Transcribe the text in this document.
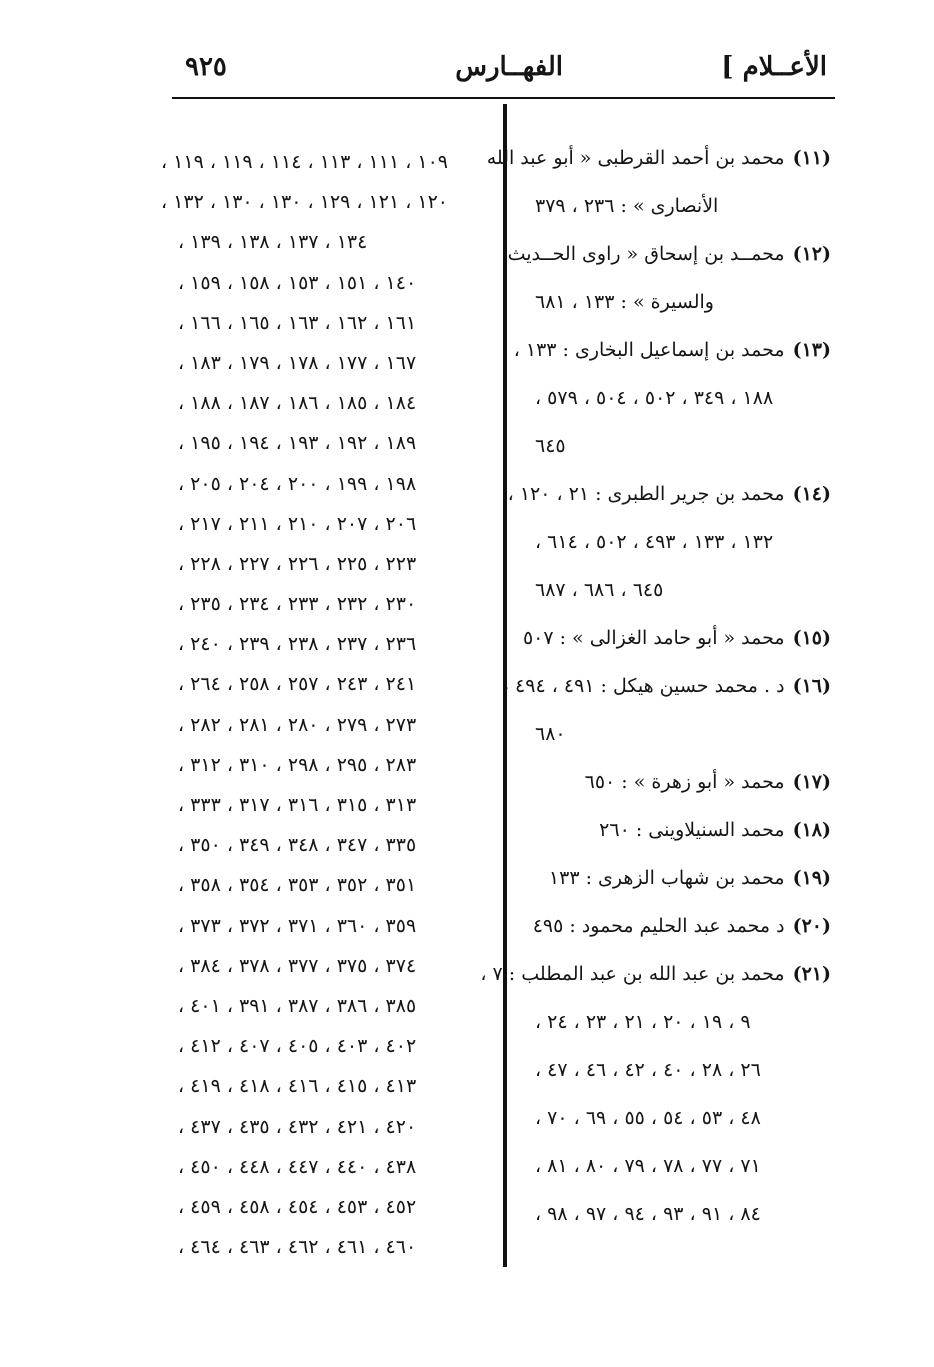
٩٢٥	الفهــارس	الأعــلام ]
(١١)محمد بن أحمد القرطبى « أبو عبد الله
الأنصارى » : ٢٣٦ ، ٣٧٩
(١٢)محمــد بن إسحاق « راوى الحــديث
والسيرة » : ١٣٣ ، ٦٨١
(١٣)محمد بن إسماعيل البخارى : ١٣٣ ،
١٨٨ ، ٣٤٩ ، ٥٠٢ ، ٥٠٤ ، ٥٧٩ ،
٦٤٥
(١٤)محمد بن جرير الطبرى : ٢١ ، ١٢٠ ،
١٣٢ ، ١٣٣ ، ٤٩٣ ، ٥٠٢ ، ٦١٤ ،
٦٤٥ ، ٦٨٦ ، ٦٨٧
(١٥)محمد « أبو حامد الغزالى » : ٥٠٧
(١٦)د . محمد حسين هيكل : ٤٩١ ، ٤٩٤ ،
٦٨٠
(١٧)محمد « أبو زهرة » : ٦٥٠
(١٨)محمد السنيلاوينى : ٢٦٠
(١٩)محمد بن شهاب الزهرى : ١٣٣
(٢٠)د محمد عبد الحليم محمود : ٤٩٥
(٢١)محمد بن عبد الله بن عبد المطلب : ٧ ،
٩ ، ١٩ ، ٢٠ ، ٢١ ، ٢٣ ، ٢٤ ،
٢٦ ، ٢٨ ، ٤٠ ، ٤٢ ، ٤٦ ، ٤٧ ،
٤٨ ، ٥٣ ، ٥٤ ، ٥٥ ، ٦٩ ، ٧٠ ،
٧١ ، ٧٧ ، ٧٨ ، ٧٩ ، ٨٠ ، ٨١ ،
٨٤ ، ٩١ ، ٩٣ ، ٩٤ ، ٩٧ ، ٩٨ ،
١٠٩ ، ١١١ ، ١١٣ ، ١١٤ ، ١١٩ ، ١١٩ ،
١٢٠ ، ١٢١ ، ١٢٩ ، ١٣٠ ، ١٣٠ ، ١٣٢ ،
١٣٤ ، ١٣٧ ، ١٣٨ ، ١٣٩ ،
١٤٠ ، ١٥١ ، ١٥٣ ، ١٥٨ ، ١٥٩ ،
١٦١ ، ١٦٢ ، ١٦٣ ، ١٦٥ ، ١٦٦ ،
١٦٧ ، ١٧٧ ، ١٧٨ ، ١٧٩ ، ١٨٣ ،
١٨٤ ، ١٨٥ ، ١٨٦ ، ١٨٧ ، ١٨٨ ،
١٨٩ ، ١٩٢ ، ١٩٣ ، ١٩٤ ، ١٩٥ ،
١٩٨ ، ١٩٩ ، ٢٠٠ ، ٢٠٤ ، ٢٠٥ ،
٢٠٦ ، ٢٠٧ ، ٢١٠ ، ٢١١ ، ٢١٧ ،
٢٢٣ ، ٢٢٥ ، ٢٢٦ ، ٢٢٧ ، ٢٢٨ ،
٢٣٠ ، ٢٣٢ ، ٢٣٣ ، ٢٣٤ ، ٢٣٥ ،
٢٣٦ ، ٢٣٧ ، ٢٣٨ ، ٢٣٩ ، ٢٤٠ ،
٢٤١ ، ٢٤٣ ، ٢٥٧ ، ٢٥٨ ، ٢٦٤ ،
٢٧٣ ، ٢٧٩ ، ٢٨٠ ، ٢٨١ ، ٢٨٢ ،
٢٨٣ ، ٢٩٥ ، ٢٩٨ ، ٣١٠ ، ٣١٢ ،
٣١٣ ، ٣١٥ ، ٣١٦ ، ٣١٧ ، ٣٣٣ ،
٣٣٥ ، ٣٤٧ ، ٣٤٨ ، ٣٤٩ ، ٣٥٠ ،
٣٥١ ، ٣٥٢ ، ٣٥٣ ، ٣٥٤ ، ٣٥٨ ،
٣٥٩ ، ٣٦٠ ، ٣٧١ ، ٣٧٢ ، ٣٧٣ ،
٣٧٤ ، ٣٧٥ ، ٣٧٧ ، ٣٧٨ ، ٣٨٤ ،
٣٨٥ ، ٣٨٦ ، ٣٨٧ ، ٣٩١ ، ٤٠١ ،
٤٠٢ ، ٤٠٣ ، ٤٠٥ ، ٤٠٧ ، ٤١٢ ،
٤١٣ ، ٤١٥ ، ٤١٦ ، ٤١٨ ، ٤١٩ ،
٤٢٠ ، ٤٢١ ، ٤٣٢ ، ٤٣٥ ، ٤٣٧ ،
٤٣٨ ، ٤٤٠ ، ٤٤٧ ، ٤٤٨ ، ٤٥٠ ،
٤٥٢ ، ٤٥٣ ، ٤٥٤ ، ٤٥٨ ، ٤٥٩ ،
٤٦٠ ، ٤٦١ ، ٤٦٢ ، ٤٦٣ ، ٤٦٤ ،
